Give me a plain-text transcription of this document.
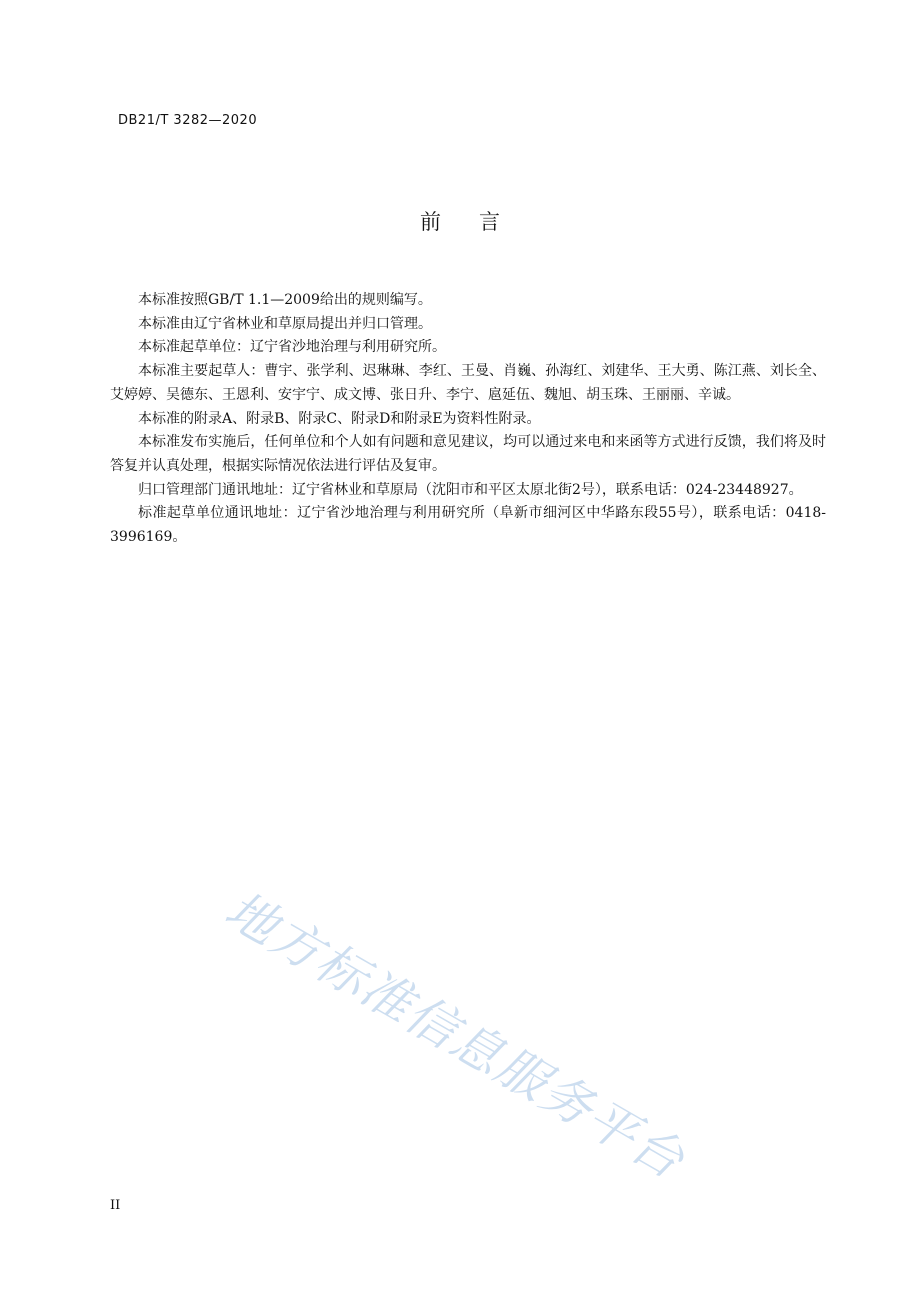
DB21/T 3282—2020
前言

本标准按照GB/T 1.1—2009给出的规则编写。

本标准由辽宁省林业和草原局提出并归口管理。

本标准起草单位：辽宁省沙地治理与利用研究所。

本标准主要起草人：曹宇、张学利、迟琳琳、李红、王曼、肖巍、孙海红、刘建华、王大勇、陈江燕、刘长全、艾婷婷、吴德东、王恩利、安宇宁、成文博、张日升、李宁、扈延伍、魏旭、胡玉珠、王丽丽、辛诚。

本标准的附录A、附录B、附录C、附录D和附录E为资料性附录。

本标准发布实施后，任何单位和个人如有问题和意见建议，均可以通过来电和来函等方式进行反馈，我们将及时答复并认真处理，根据实际情况依法进行评估及复审。

归口管理部门通讯地址：辽宁省林业和草原局（沈阳市和平区太原北街2号），联系电话：024-23448927。

标准起草单位通讯地址：辽宁省沙地治理与利用研究所（阜新市细河区中华路东段55号），联系电话：0418-3996169。

地方标准信息服务平台
II
